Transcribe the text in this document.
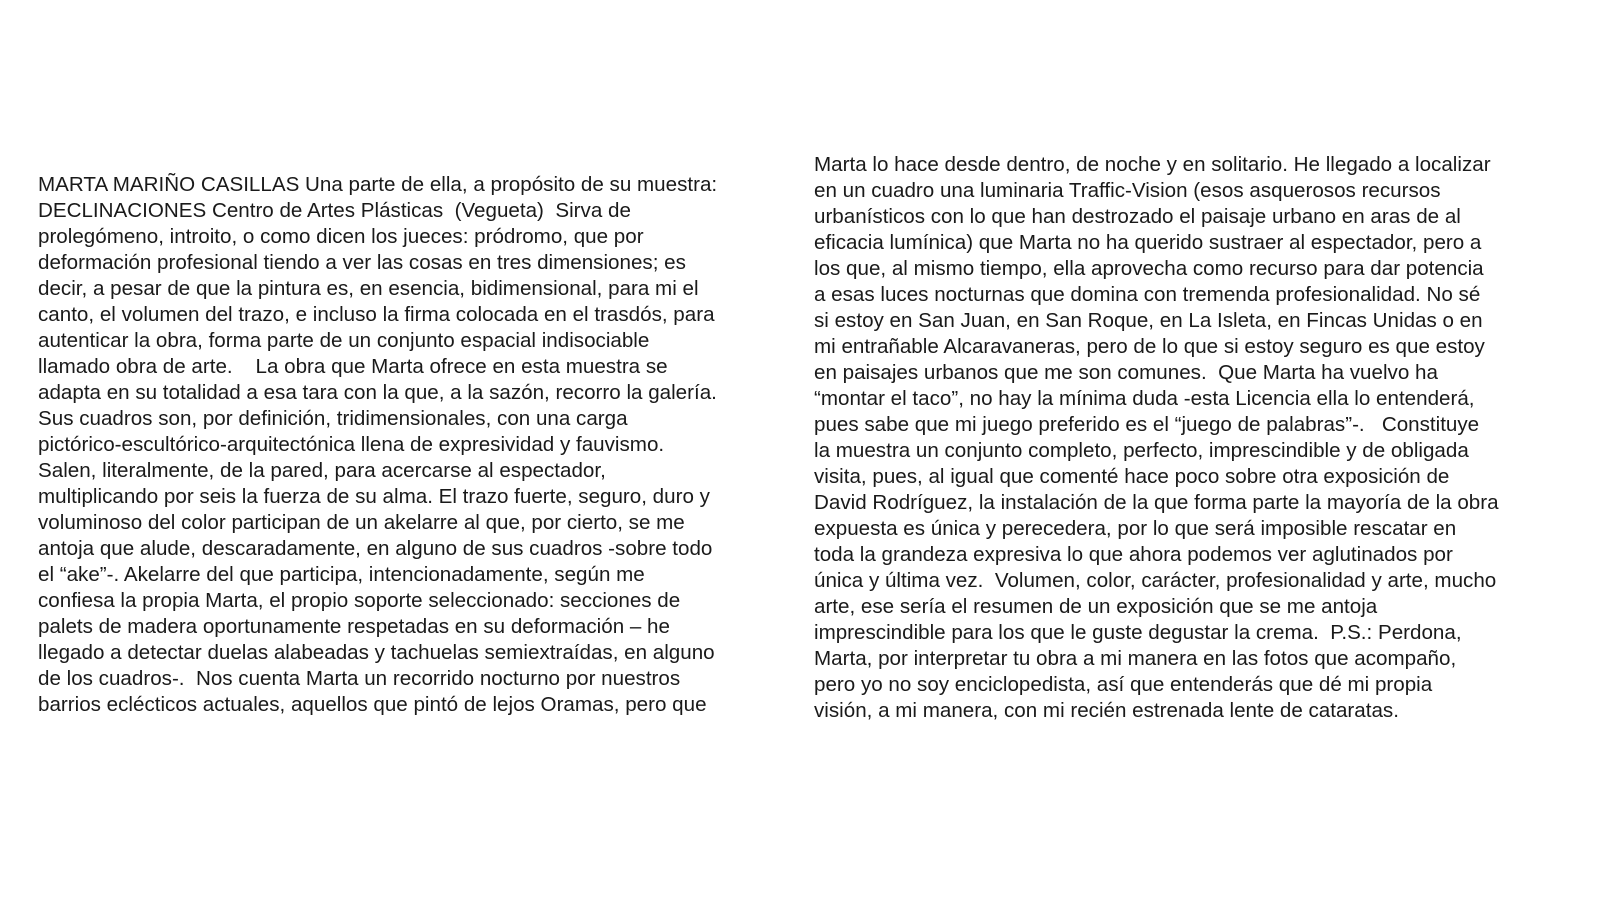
MARTA MARIÑO CASILLAS Una parte de ella, a propósito de su muestra:
DECLINACIONES Centro de Artes Plásticas  (Vegueta)  Sirva de
prolegómeno, introito, o como dicen los jueces: pródromo, que por
deformación profesional tiendo a ver las cosas en tres dimensiones; es
decir, a pesar de que la pintura es, en esencia, bidimensional, para mi el
canto, el volumen del trazo, e incluso la firma colocada en el trasdós, para
autenticar la obra, forma parte de un conjunto espacial indisociable
llamado obra de arte.    La obra que Marta ofrece en esta muestra se
adapta en su totalidad a esa tara con la que, a la sazón, recorro la galería.
Sus cuadros son, por definición, tridimensionales, con una carga
pictórico-escultórico-arquitectónica llena de expresividad y fauvismo.
Salen, literalmente, de la pared, para acercarse al espectador,
multiplicando por seis la fuerza de su alma. El trazo fuerte, seguro, duro y
voluminoso del color participan de un akelarre al que, por cierto, se me
antoja que alude, descaradamente, en alguno de sus cuadros -sobre todo
el “ake”-. Akelarre del que participa, intencionadamente, según me
confiesa la propia Marta, el propio soporte seleccionado: secciones de
palets de madera oportunamente respetadas en su deformación – he
llegado a detectar duelas alabeadas y tachuelas semiextraídas, en alguno
de los cuadros-.  Nos cuenta Marta un recorrido nocturno por nuestros
barrios eclécticos actuales, aquellos que pintó de lejos Oramas, pero que
Marta lo hace desde dentro, de noche y en solitario. He llegado a localizar
en un cuadro una luminaria Traffic-Vision (esos asquerosos recursos
urbanísticos con lo que han destrozado el paisaje urbano en aras de al
eficacia lumínica) que Marta no ha querido sustraer al espectador, pero a
los que, al mismo tiempo, ella aprovecha como recurso para dar potencia
a esas luces nocturnas que domina con tremenda profesionalidad. No sé
si estoy en San Juan, en San Roque, en La Isleta, en Fincas Unidas o en
mi entrañable Alcaravaneras, pero de lo que si estoy seguro es que estoy
en paisajes urbanos que me son comunes.  Que Marta ha vuelvo ha
“montar el taco”, no hay la mínima duda -esta Licencia ella lo entenderá,
pues sabe que mi juego preferido es el “juego de palabras”-.   Constituye
la muestra un conjunto completo, perfecto, imprescindible y de obligada
visita, pues, al igual que comenté hace poco sobre otra exposición de
David Rodríguez, la instalación de la que forma parte la mayoría de la obra
expuesta es única y perecedera, por lo que será imposible rescatar en
toda la grandeza expresiva lo que ahora podemos ver aglutinados por
única y última vez.  Volumen, color, carácter, profesionalidad y arte, mucho
arte, ese sería el resumen de un exposición que se me antoja
imprescindible para los que le guste degustar la crema.  P.S.: Perdona,
Marta, por interpretar tu obra a mi manera en las fotos que acompaño,
pero yo no soy enciclopedista, así que entenderás que dé mi propia
visión, a mi manera, con mi recién estrenada lente de cataratas.
